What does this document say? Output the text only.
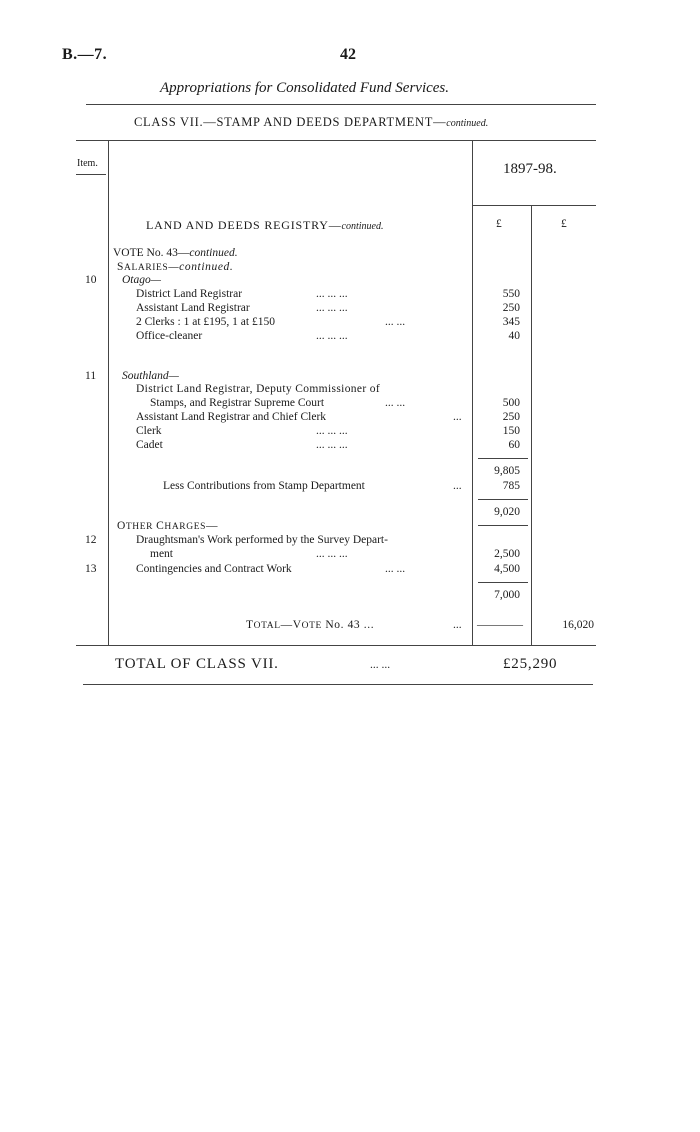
B.—7.	42
Appropriations for Consolidated Fund Services.
CLASS VII.—STAMP AND DEEDS DEPARTMENT—continued.
Item.	1897-98.
LAND AND DEEDS REGISTRY—continued.	£	£
VOTE No. 43—continued.
SALARIES—continued.
10 Otago—
District Land Registrar	... ... ...	550
Assistant Land Registrar	... ... ...	250
2 Clerks : 1 at £195, 1 at £150	... ...	345
Office-cleaner	... ... ...	40
11 Southland—
District Land Registrar, Deputy Commissioner of
Stamps, and Registrar Supreme Court	... ...	500
Assistant Land Registrar and Chief Clerk	...	250
Clerk	... ... ...	150
Cadet	... ... ...	60
9,805
Less Contributions from Stamp Department	...	785
9,020
OTHER CHARGES—
12	Draughtsman's Work performed by the Survey Depart-
ment	... ... ...	2,500
13	Contingencies and Contract Work	... ...	4,500
7,000
TOTAL—VOTE No. 43 ...	... ————	16,020
TOTAL OF CLASS VII.	... ...	£25,290
